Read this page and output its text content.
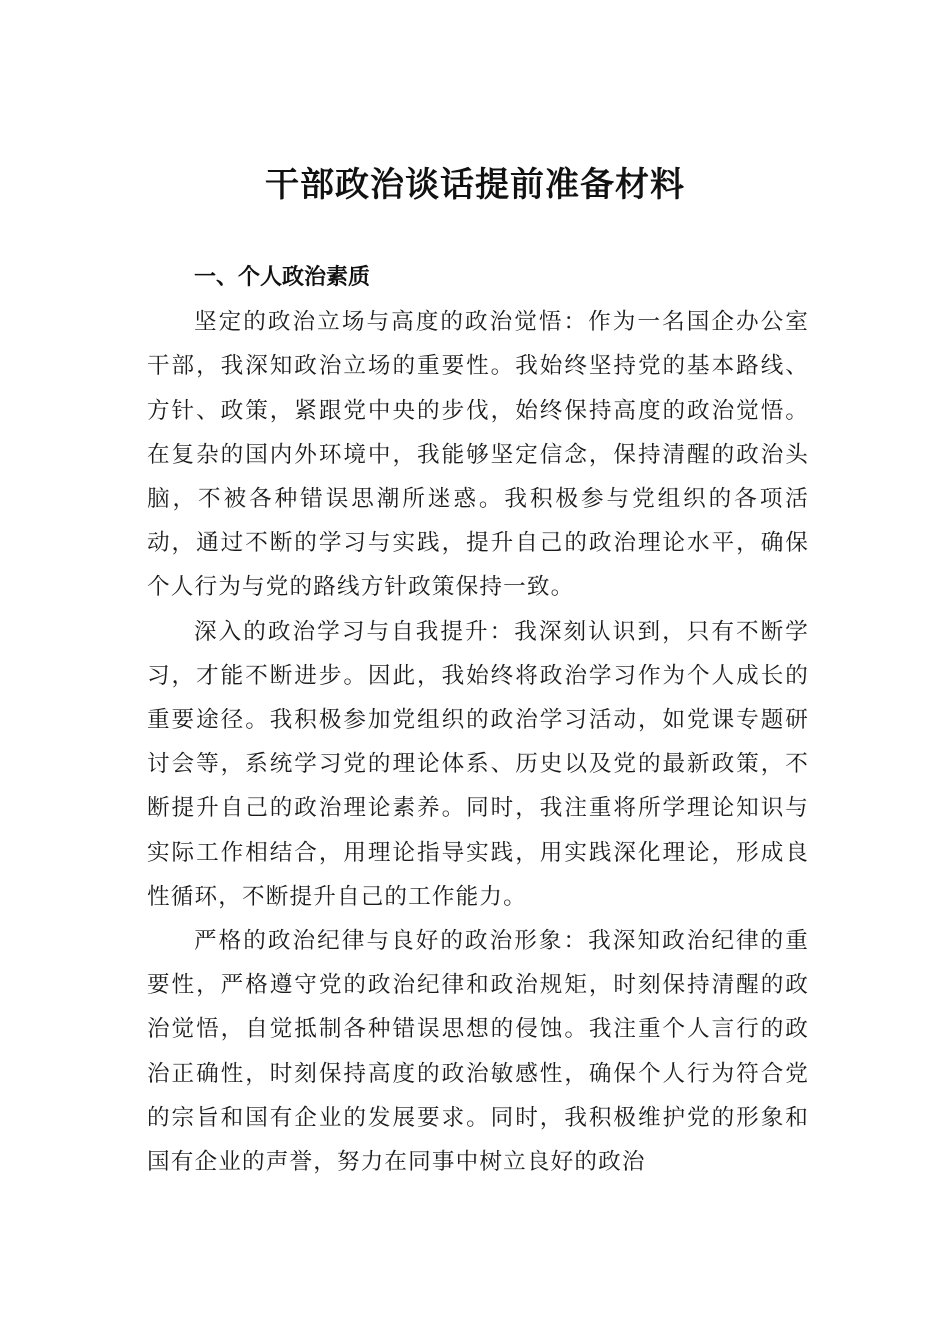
干部政治谈话提前准备材料

一、个人政治素质

坚定的政治立场与高度的政治觉悟：作为一名国企办公室干部，我深知政治立场的重要性。我始终坚持党的基本路线、方针、政策，紧跟党中央的步伐，始终保持高度的政治觉悟。在复杂的国内外环境中，我能够坚定信念，保持清醒的政治头脑，不被各种错误思潮所迷惑。我积极参与党组织的各项活动，通过不断的学习与实践，提升自己的政治理论水平，确保个人行为与党的路线方针政策保持一致。

深入的政治学习与自我提升：我深刻认识到，只有不断学习，才能不断进步。因此，我始终将政治学习作为个人成长的重要途径。我积极参加党组织的政治学习活动，如党课专题研讨会等，系统学习党的理论体系、历史以及党的最新政策，不断提升自己的政治理论素养。同时，我注重将所学理论知识与实际工作相结合，用理论指导实践，用实践深化理论，形成良性循环，不断提升自己的工作能力。

严格的政治纪律与良好的政治形象：我深知政治纪律的重要性，严格遵守党的政治纪律和政治规矩，时刻保持清醒的政治觉悟，自觉抵制各种错误思想的侵蚀。我注重个人言行的政治正确性，时刻保持高度的政治敏感性，确保个人行为符合党的宗旨和国有企业的发展要求。同时，我积极维护党的形象和国有企业的声誉，努力在同事中树立良好的政治
